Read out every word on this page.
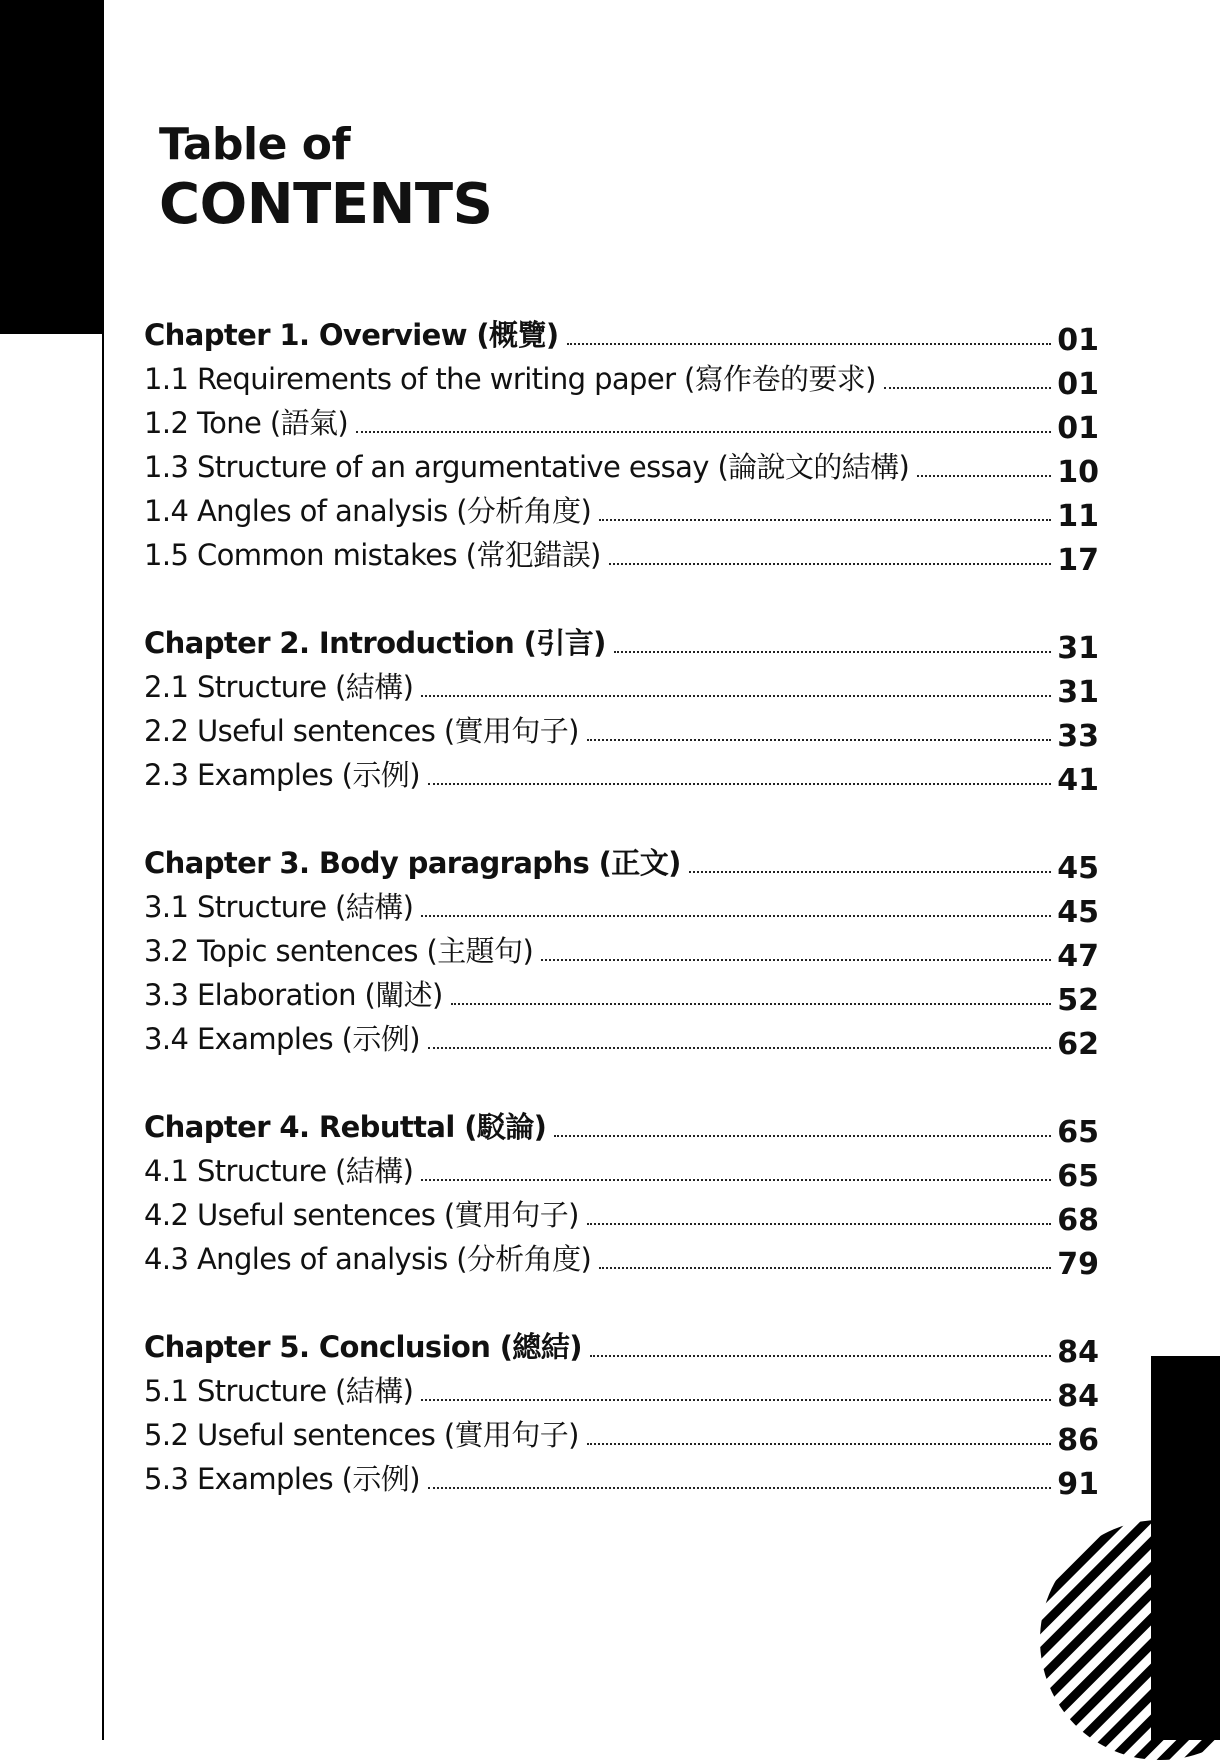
Table of
CONTENTS
Chapter 1. Overview (概覽)	01
1.1 Requirements of the writing paper (寫作卷的要求)	01
1.2 Tone (語氣)	01
1.3 Structure of an argumentative essay (論說文的結構)	10
1.4 Angles of analysis (分析角度)	11
1.5 Common mistakes (常犯錯誤)	17
Chapter 2. Introduction (引言)	31
2.1 Structure (結構)	31
2.2 Useful sentences (實用句子)	33
2.3 Examples (示例)	41
Chapter 3. Body paragraphs (正文)	45
3.1 Structure (結構)	45
3.2 Topic sentences (主題句)	47
3.3 Elaboration (闡述)	52
3.4 Examples (示例)	62
Chapter 4. Rebuttal (駁論)	65
4.1 Structure (結構)	65
4.2 Useful sentences (實用句子)	68
4.3 Angles of analysis (分析角度)	79
Chapter 5. Conclusion (總結)	84
5.1 Structure (結構)	84
5.2 Useful sentences (實用句子)	86
5.3 Examples (示例)	91
